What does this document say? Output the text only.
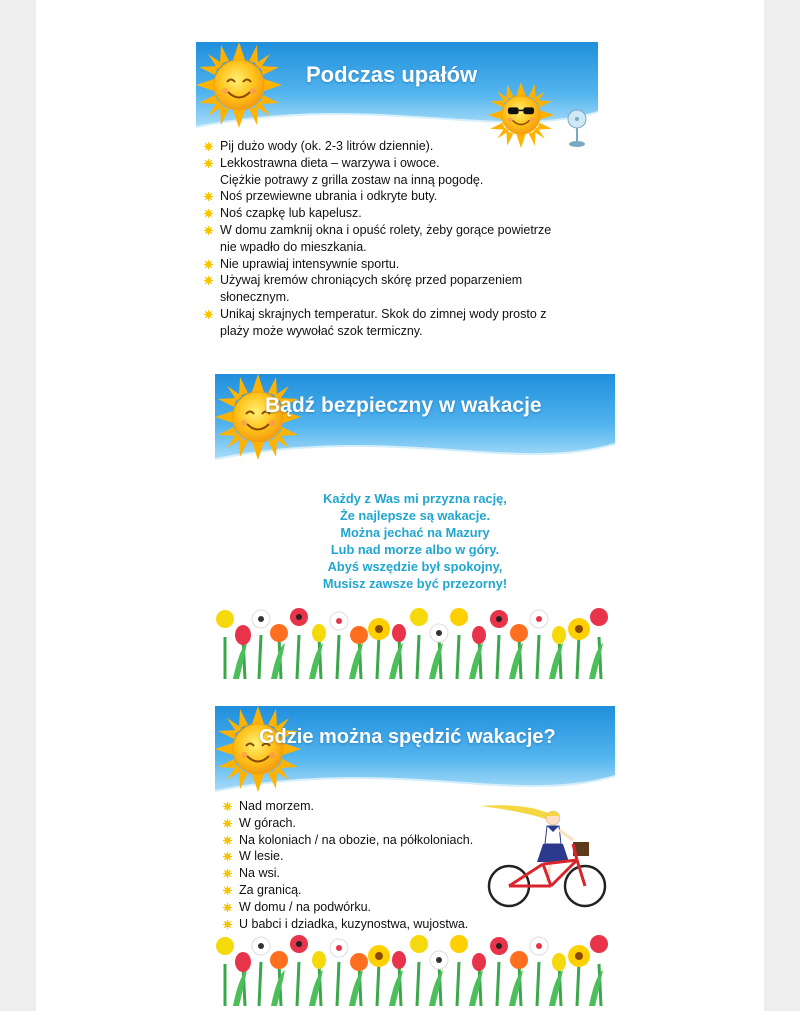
Podczas upałów
Pij dużo wody (ok. 2-3 litrów dziennie).
Lekkostrawna dieta – warzywa i owoce.
Ciężkie potrawy z grilla zostaw na inną pogodę.
Noś przewiewne ubrania i odkryte buty.
Noś czapkę lub kapelusz.
W domu zamknij okna i opuść rolety, żeby gorące powietrze
nie wpadło do mieszkania.
Nie uprawiaj intensywnie sportu.
Używaj kremów chroniących skórę przed poparzeniem
słonecznym.
Unikaj skrajnych temperatur. Skok do zimnej wody prosto z
plaży może wywołać szok termiczny.
Bądź bezpieczny w wakacje
Każdy z Was mi przyzna rację,
Że najlepsze są wakacje.
Można jechać na Mazury
Lub nad morze albo w góry.
Abyś wszędzie był spokojny,
Musisz zawsze być przezorny!
Gdzie można spędzić wakacje?
Nad morzem.
W górach.
Na koloniach / na obozie, na półkoloniach.
W lesie.
Na wsi.
Za granicą.
W domu / na podwórku.
U babci i dziadka, kuzynostwa, wujostwa.
